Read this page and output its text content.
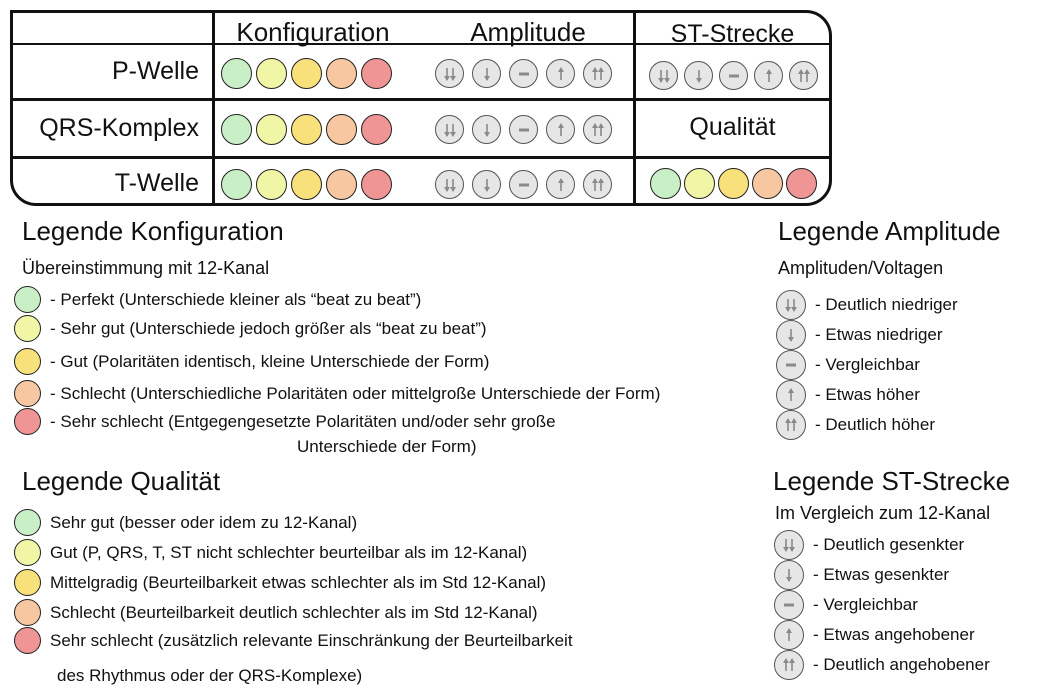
Konfiguration	Amplitude	ST-Strecke
P-Welle
QRS-Komplex
T-Welle
Qualität
Legende Konfiguration
Übereinstimmung mit 12-Kanal
- Perfekt (Unterschiede kleiner als “beat zu beat”)
- Sehr gut (Unterschiede jedoch größer als “beat zu beat”)
- Gut (Polaritäten identisch, kleine Unterschiede der Form)
- Schlecht (Unterschiedliche Polaritäten oder mittelgroße Unterschiede der Form)
- Sehr schlecht (Entgegengesetzte Polaritäten und/oder sehr große
Unterschiede der Form)
Legende Amplitude
Amplituden/Voltagen
- Deutlich niedriger
- Etwas niedriger
- Vergleichbar
- Etwas höher
- Deutlich höher
Legende Qualität
Sehr gut (besser oder idem zu 12-Kanal)
Gut (P, QRS, T, ST nicht schlechter beurteilbar als im 12-Kanal)
Mittelgradig (Beurteilbarkeit etwas schlechter als im Std 12-Kanal)
Schlecht (Beurteilbarkeit deutlich schlechter als im Std 12-Kanal)
Sehr schlecht (zusätzlich relevante Einschränkung der Beurteilbarkeit
des Rhythmus oder der QRS-Komplexe)
Legende ST-Strecke
Im Vergleich zum 12-Kanal
- Deutlich gesenkter
- Etwas gesenkter
- Vergleichbar
- Etwas angehobener
- Deutlich angehobener
